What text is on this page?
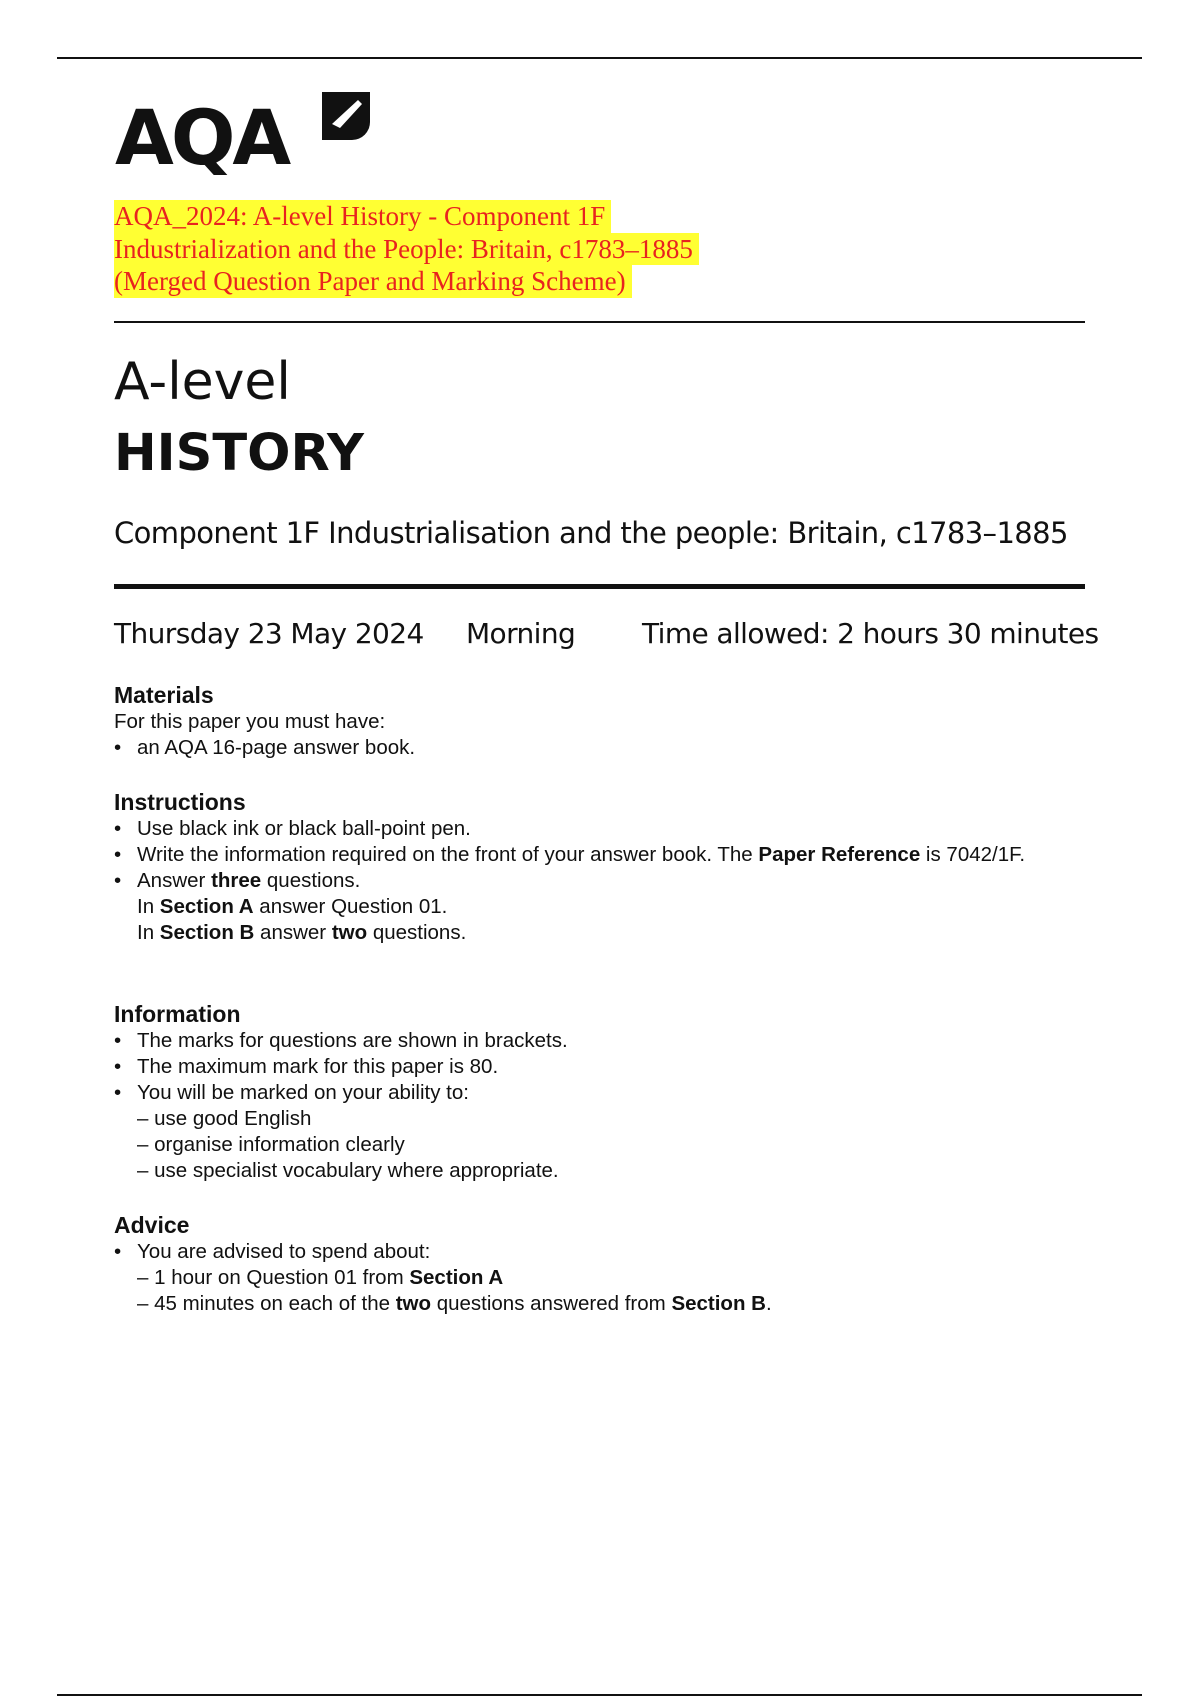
AQA
AQA_2024: A-level History - Component 1F
Industrialization and the People: Britain, c1783–1885
(Merged Question Paper and Marking Scheme)
A-level
HISTORY
Component 1F Industrialisation and the people: Britain, c1783–1885
Thursday 23 May 2024 Morning Time allowed: 2 hours 30 minutes
Materials
For this paper you must have:
• an AQA 16-page answer book.
Instructions
• Use black ink or black ball-point pen.
• Write the information required on the front of your answer book. The Paper Reference is 7042/1F.
• Answer three questions.
In Section A answer Question 01.
In Section B answer two questions.
Information
• The marks for questions are shown in brackets.
• The maximum mark for this paper is 80.
• You will be marked on your ability to:
– use good English
– organise information clearly
– use specialist vocabulary where appropriate.
Advice
• You are advised to spend about:
– 1 hour on Question 01 from Section A
– 45 minutes on each of the two questions answered from Section B.
